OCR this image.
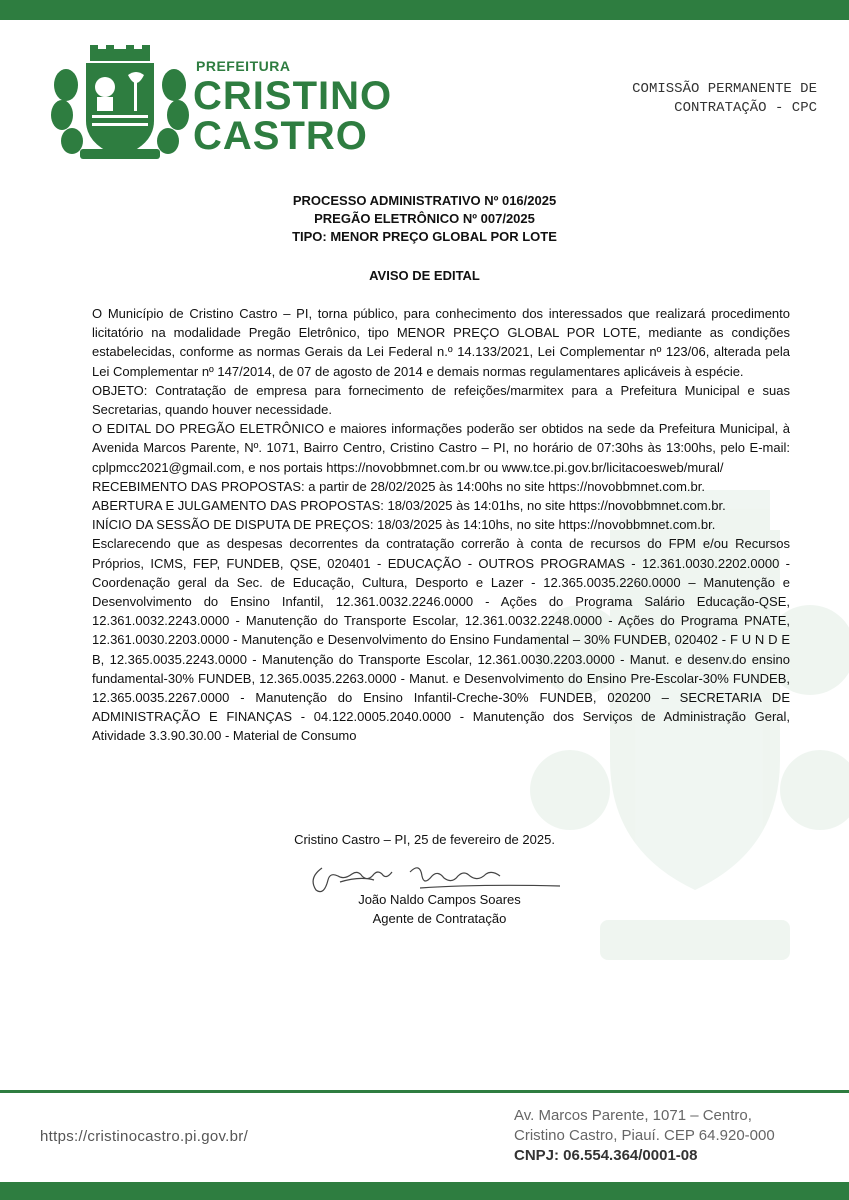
PREFEITURA
CRISTINO
CASTRO
COMISSÃO PERMANENTE DE
CONTRATAÇÃO - CPC
PROCESSO ADMINISTRATIVO Nº 016/2025
PREGÃO ELETRÔNICO Nº 007/2025
TIPO: MENOR PREÇO GLOBAL POR LOTE
AVISO DE EDITAL

O Município de Cristino Castro – PI, torna público, para conhecimento dos interessados que realizará procedimento licitatório na modalidade Pregão Eletrônico, tipo MENOR PREÇO GLOBAL POR LOTE, mediante as condições estabelecidas, conforme as normas Gerais da Lei Federal n.º 14.133/2021, Lei Complementar nº 123/06, alterada pela Lei Complementar nº 147/2014, de 07 de agosto de 2014 e demais normas regulamentares aplicáveis à espécie.

OBJETO: Contratação de empresa para fornecimento de refeições/marmitex para a Prefeitura Municipal e suas Secretarias, quando houver necessidade.

O EDITAL DO PREGÃO ELETRÔNICO e maiores informações poderão ser obtidos na sede da Prefeitura Municipal, à Avenida Marcos Parente, Nº. 1071, Bairro Centro, Cristino Castro – PI, no horário de 07:30hs às 13:00hs, pelo E-mail: cplpmcc2021@gmail.com, e nos portais https://novobbmnet.com.br ou www.tce.pi.gov.br/licitacoesweb/mural/

RECEBIMENTO DAS PROPOSTAS: a partir de 28/02/2025 às 14:00hs no site https://novobbmnet.com.br.

ABERTURA E JULGAMENTO DAS PROPOSTAS: 18/03/2025 às 14:01hs, no site https://novobbmnet.com.br.

INÍCIO DA SESSÃO DE DISPUTA DE PREÇOS: 18/03/2025 às 14:10hs, no site https://novobbmnet.com.br.

Esclarecendo que as despesas decorrentes da contratação correrão à conta de recursos do FPM e/ou Recursos Próprios, ICMS, FEP, FUNDEB, QSE, 020401 - EDUCAÇÃO - OUTROS PROGRAMAS - 12.361.0030.2202.0000 - Coordenação geral da Sec. de Educação, Cultura, Desporto e Lazer - 12.365.0035.2260.0000 – Manutenção e Desenvolvimento do Ensino Infantil, 12.361.0032.2246.0000 - Ações do Programa Salário Educação-QSE, 12.361.0032.2243.0000 - Manutenção do Transporte Escolar, 12.361.0032.2248.0000 - Ações do Programa PNATE, 12.361.0030.2203.0000 - Manutenção e Desenvolvimento do Ensino Fundamental – 30% FUNDEB, 020402 - F U N D E B, 12.365.0035.2243.0000 - Manutenção do Transporte Escolar, 12.361.0030.2203.0000 - Manut. e desenv.do ensino fundamental-30% FUNDEB, 12.365.0035.2263.0000 - Manut. e Desenvolvimento do Ensino Pre-Escolar-30% FUNDEB, 12.365.0035.2267.0000 - Manutenção do Ensino Infantil-Creche-30% FUNDEB, 020200 – SECRETARIA DE ADMINISTRAÇÃO E FINANÇAS - 04.122.0005.2040.0000 - Manutenção dos Serviços de Administração Geral, Atividade 3.3.90.30.00 - Material de Consumo

Cristino Castro – PI, 25 de fevereiro de 2025.
João Naldo Campos Soares
Agente de Contratação
https://cristinocastro.pi.gov.br/
Av. Marcos Parente, 1071 – Centro,
Cristino Castro, Piauí. CEP 64.920-000
CNPJ: 06.554.364/0001-08
